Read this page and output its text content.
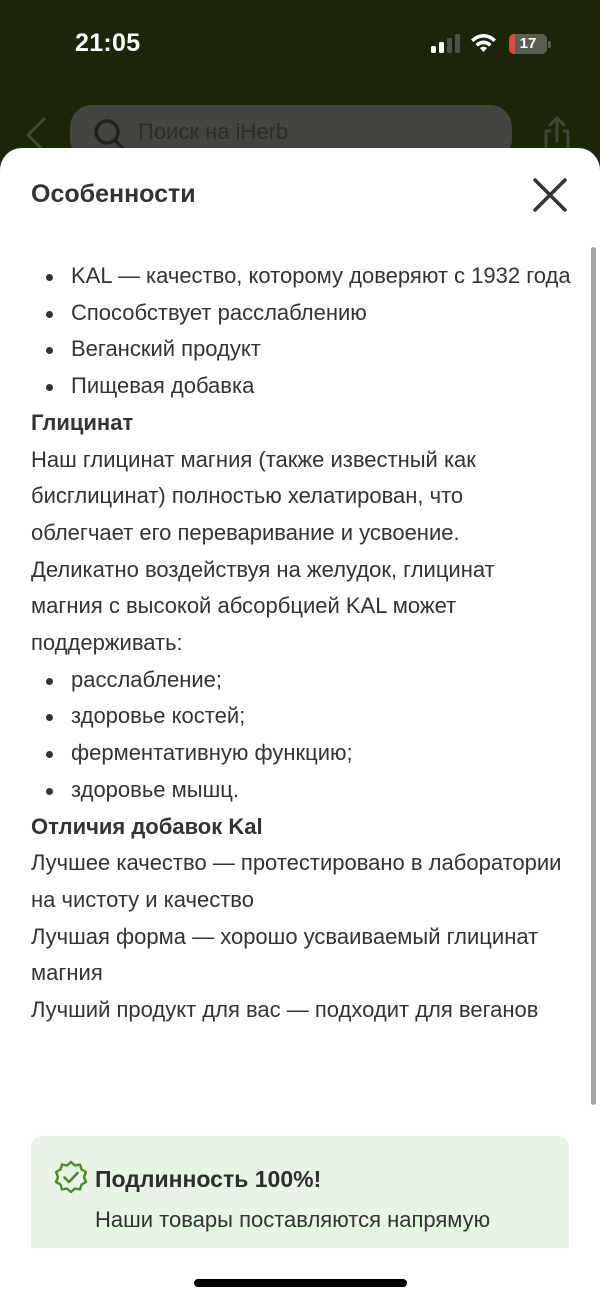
21:05	17
Поиск на iHerb
Особенности
KAL — качество, которому доверяют с 1932 года
Способствует расслаблению
Веганский продукт
Пищевая добавка
Глицинат

Наш глицинат магния (также известный как бисглицинат) полностью хелатирован, что облегчает его переваривание и усвоение. Деликатно воздействуя на желудок, глицинат магния с высокой абсорбцией KAL может поддерживать:

расслабление;
здоровье костей;
ферментативную функцию;
здоровье мышц.
Отличия добавок Kal

Лучшее качество — протестировано в лаборатории на чистоту и качество

Лучшая форма — хорошо усваиваемый глицинат магния

Лучший продукт для вас — подходит для веганов

Подлинность 100%!
Наши товары поставляются напрямую
